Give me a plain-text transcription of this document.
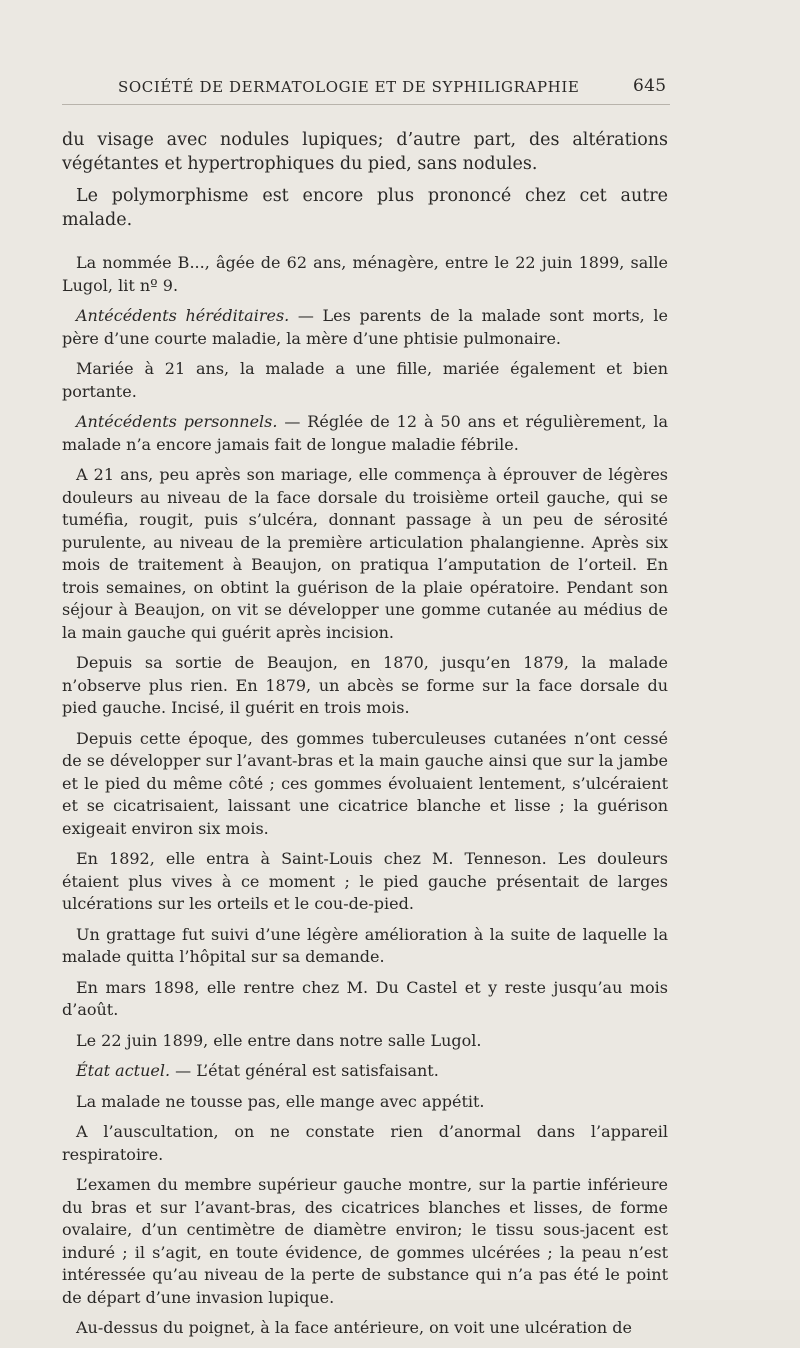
SOCIÉTÉ DE DERMATOLOGIE ET DE SYPHILIGRAPHIE	645

du visage avec nodules lupiques; d’autre part, des altérations végétantes et hypertrophiques du pied, sans nodules.

Le polymorphisme est encore plus prononcé chez cet autre malade.

La nommée B..., âgée de 62 ans, ménagère, entre le 22 juin 1899, salle Lugol, lit nº 9.

Antécédents héréditaires. — Les parents de la malade sont morts, le père d’une courte maladie, la mère d’une phtisie pulmonaire.

Mariée à 21 ans, la malade a une fille, mariée également et bien portante.

Antécédents personnels. — Réglée de 12 à 50 ans et régulièrement, la malade n’a encore jamais fait de longue maladie fébrile.

A 21 ans, peu après son mariage, elle commença à éprouver de légères douleurs au niveau de la face dorsale du troisième orteil gauche, qui se tuméfia, rougit, puis s’ulcéra, donnant passage à un peu de sérosité purulente, au niveau de la première articulation phalangienne. Après six mois de traitement à Beaujon, on pratiqua l’amputation de l’orteil. En trois semaines, on obtint la guérison de la plaie opératoire. Pendant son séjour à Beaujon, on vit se développer une gomme cutanée au médius de la main gauche qui guérit après incision.

Depuis sa sortie de Beaujon, en 1870, jusqu’en 1879, la malade n’observe plus rien. En 1879, un abcès se forme sur la face dorsale du pied gauche. Incisé, il guérit en trois mois.

Depuis cette époque, des gommes tuberculeuses cutanées n’ont cessé de se développer sur l’avant-bras et la main gauche ainsi que sur la jambe et le pied du même côté ; ces gommes évoluaient lentement, s’ulcéraient et se cicatrisaient, laissant une cicatrice blanche et lisse ; la guérison exigeait environ six mois.

En 1892, elle entra à Saint-Louis chez M. Tenneson. Les douleurs étaient plus vives à ce moment ; le pied gauche présentait de larges ulcérations sur les orteils et le cou-de-pied.

Un grattage fut suivi d’une légère amélioration à la suite de laquelle la malade quitta l’hôpital sur sa demande.

En mars 1898, elle rentre chez M. Du Castel et y reste jusqu’au mois d’août.

Le 22 juin 1899, elle entre dans notre salle Lugol.

État actuel. — L’état général est satisfaisant.

La malade ne tousse pas, elle mange avec appétit.

A l’auscultation, on ne constate rien d’anormal dans l’appareil respiratoire.

L’examen du membre supérieur gauche montre, sur la partie inférieure du bras et sur l’avant-bras, des cicatrices blanches et lisses, de forme ovalaire, d’un centimètre de diamètre environ; le tissu sous-jacent est induré ; il s’agit, en toute évidence, de gommes ulcérées ; la peau n’est intéressée qu’au niveau de la perte de substance qui n’a pas été le point de départ d’une invasion lupique.

Au-dessus du poignet, à la face antérieure, on voit une ulcération de
